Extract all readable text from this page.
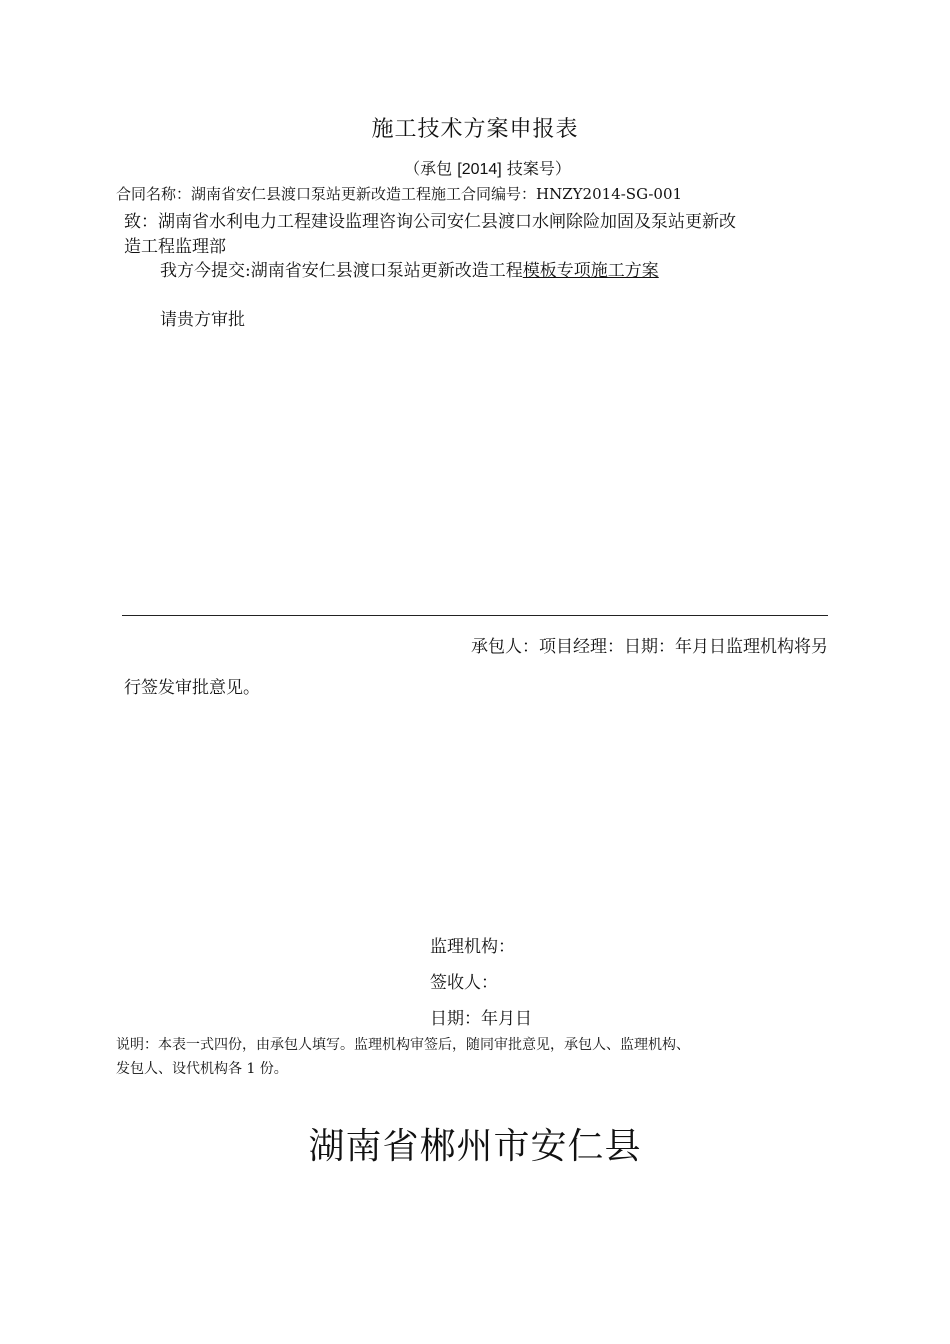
施工技术方案申报表
（承包 [2014] 技案号）
合同名称：湖南省安仁县渡口泵站更新改造工程施工合同编号：HNZY2014-SG-001
致：湖南省水利电力工程建设监理咨询公司安仁县渡口水闸除险加固及泵站更新改
造工程监理部
我方今提交:湖南省安仁县渡口泵站更新改造工程模板专项施工方案
请贵方审批
承包人：项目经理：日期：年月日监理机构将另
行签发审批意见。
监理机构：
签收人：
日期：年月日
说明：本表一式四份，由承包人填写。监理机构审签后，随同审批意见，承包人、监理机构、
发包人、设代机构各 1 份。
湖南省郴州市安仁县
